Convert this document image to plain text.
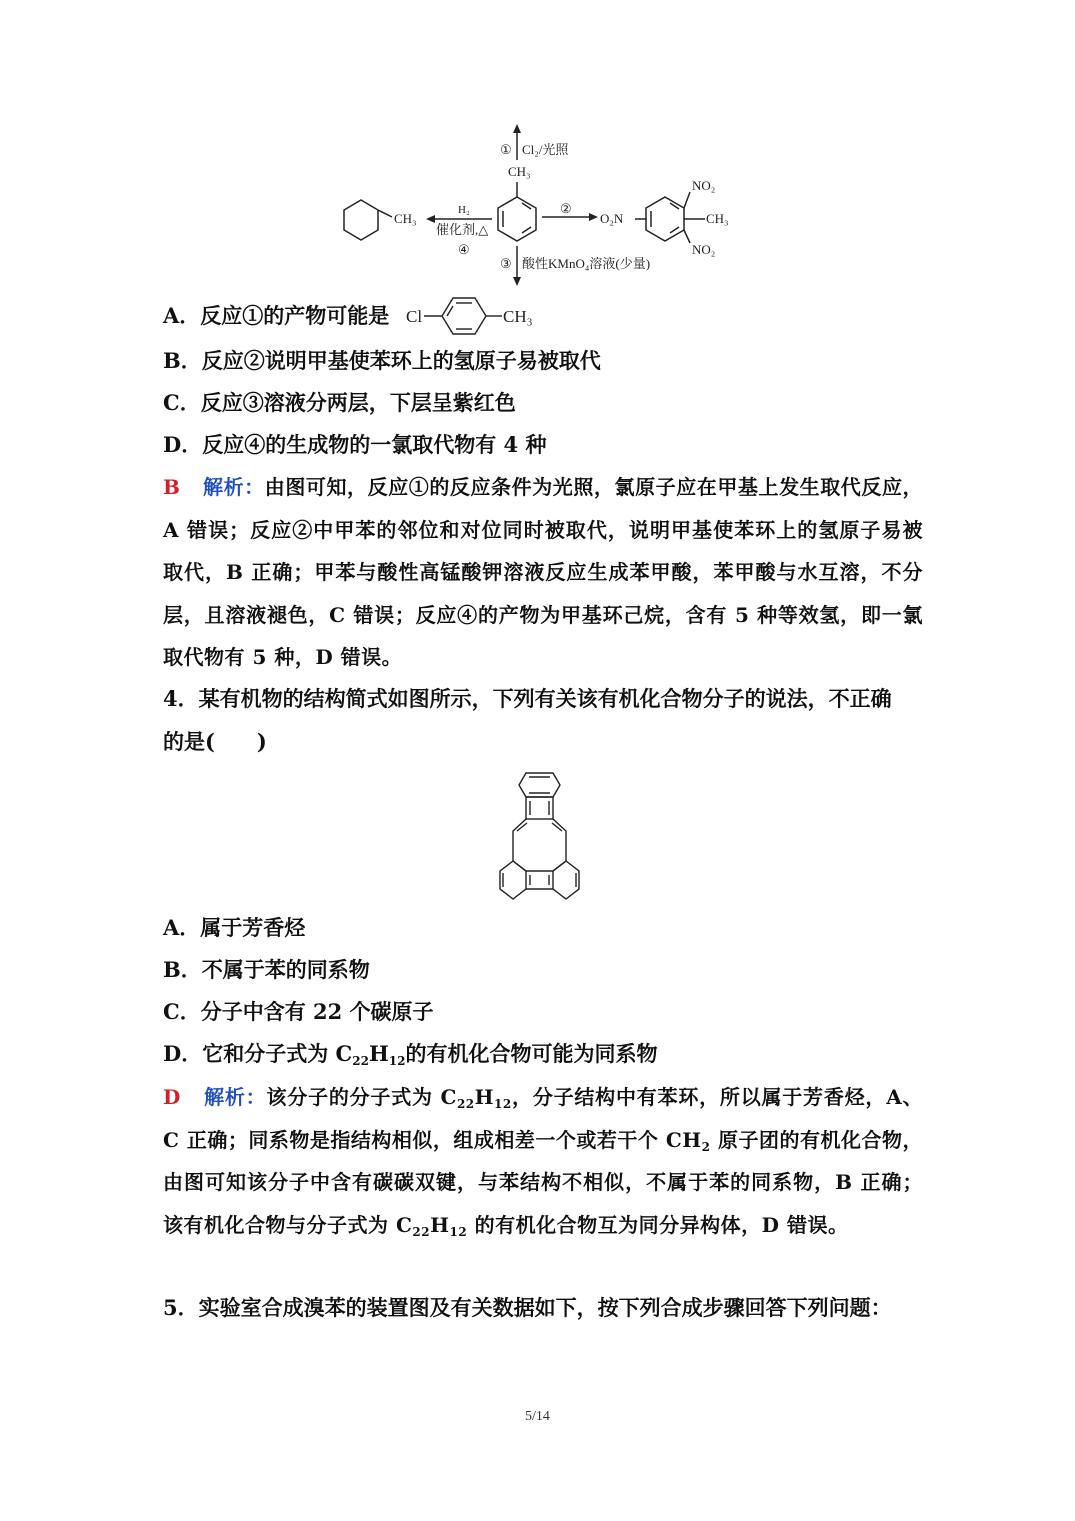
① Cl₂/光照
CH₃
②
O₂N
NO₂
CH₃
NO₂
③ 酸性KMnO₄溶液(少量)
H₂
催化剂,△
④
CH₃
A．反应①的产物可能是 Cl	CH₃
B．反应②说明甲基使苯环上的氢原子易被取代
C．反应③溶液分两层，下层呈紫红色
D．反应④的生成物的一氯取代物有 4 种
B 解析：由图可知，反应①的反应条件为光照，氯原子应在甲基上发生取代反应，A 错误；反应②中甲苯的邻位和对位同时被取代，说明甲基使苯环上的氢原子易被取代，B 正确；甲苯与酸性高锰酸钾溶液反应生成苯甲酸，苯甲酸与水互溶，不分层，且溶液褪色，C 错误；反应④的产物为甲基环己烷，含有 5 种等效氢，即一氯取代物有 5 种，D 错误。
4．某有机物的结构简式如图所示，下列有关该有机化合物分子的说法，不正确
的是(　　)
A．属于芳香烃
B．不属于苯的同系物
C．分子中含有 22 个碳原子
D．它和分子式为 $C_{22}H_{12}$的有机化合物可能为同系物
D 解析：该分子的分子式为 $C_{22}H_{12}$，分子结构中有苯环，所以属于芳香烃，A、C 正确；同系物是指结构相似，组成相差一个或若干个 $CH_2$ 原子团的有机化合物，由图可知该分子中含有碳碳双键，与苯结构不相似，不属于苯的同系物，B 正确；该有机化合物与分子式为 $C_{22}H_{12}$ 的有机化合物互为同分异构体，D 错误。
5．实验室合成溴苯的装置图及有关数据如下，按下列合成步骤回答下列问题：
5/14
